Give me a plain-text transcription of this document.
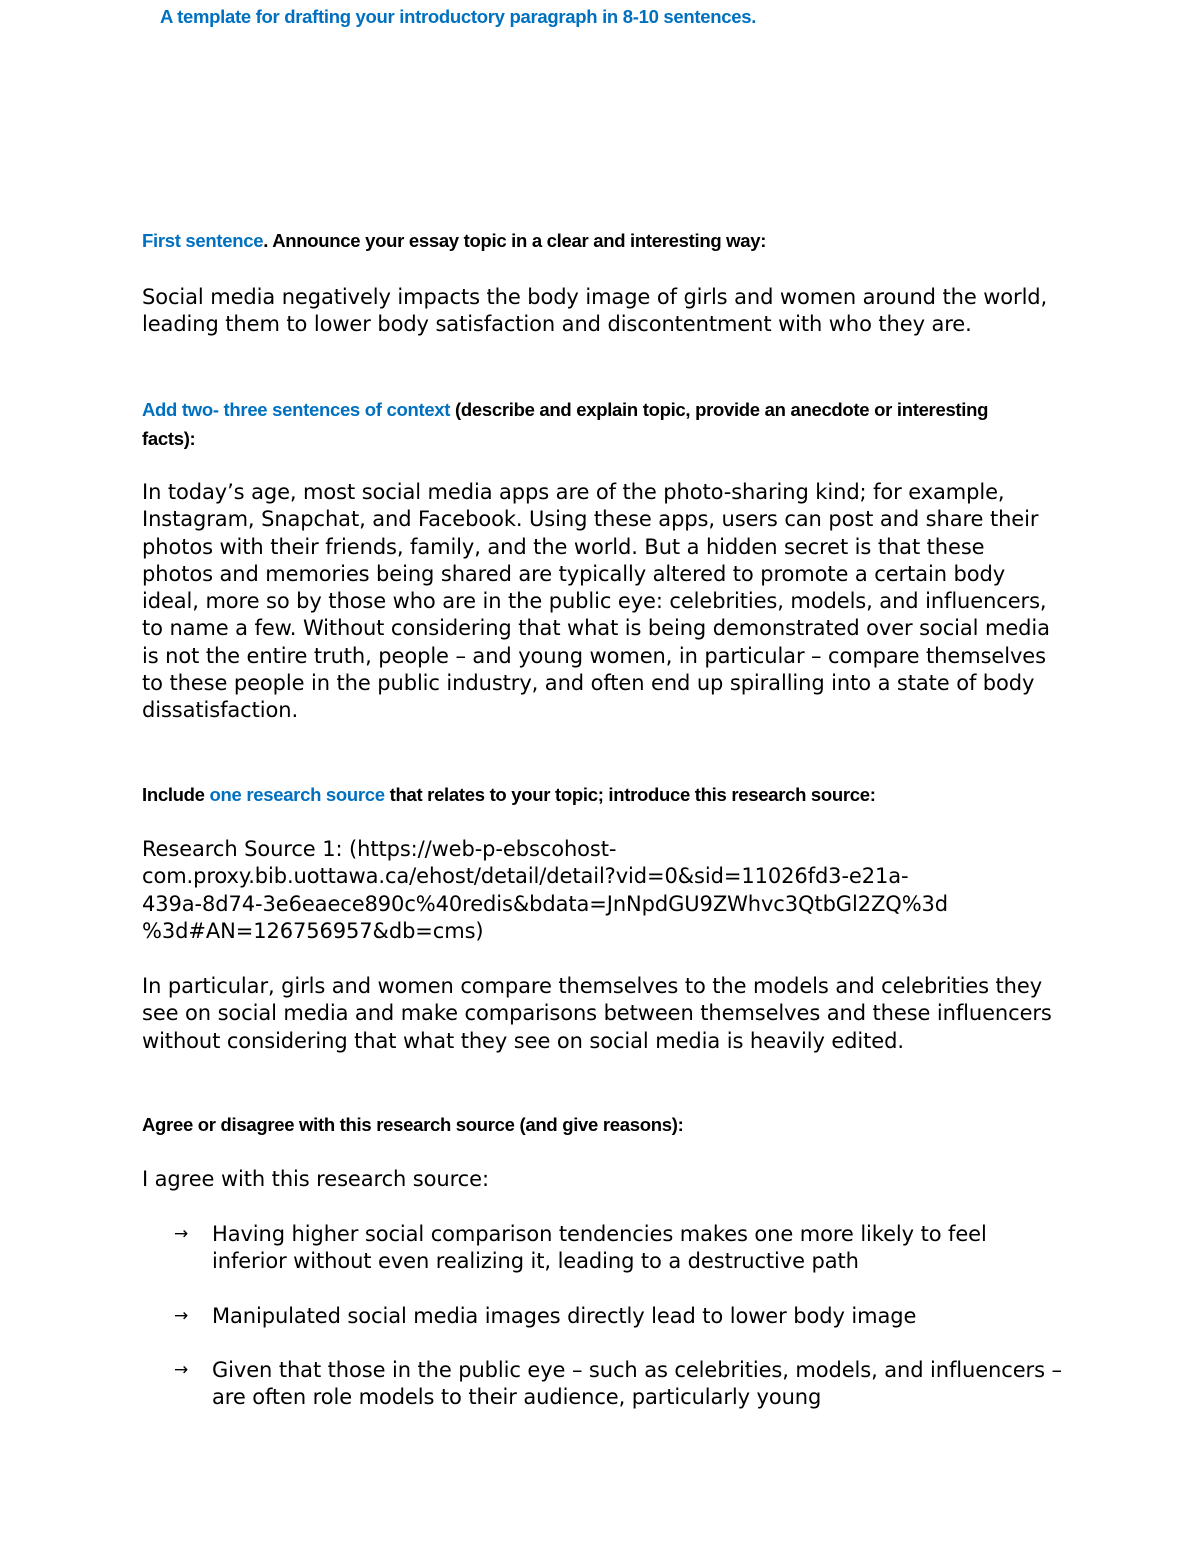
A template for drafting your introductory paragraph in 8-10 sentences.

First sentence. Announce your essay topic in a clear and interesting way:

Social media negatively impacts the body image of girls and women around the world, leading them to lower body satisfaction and discontentment with who they are.

Add two- three sentences of context (describe and explain topic, provide an anecdote or interesting facts):

In today’s age, most social media apps are of the photo-sharing kind; for example, Instagram, Snapchat, and Facebook. Using these apps, users can post and share their photos with their friends, family, and the world. But a hidden secret is that these photos and memories being shared are typically altered to promote a certain body ideal, more so by those who are in the public eye: celebrities, models, and influencers, to name a few. Without considering that what is being demonstrated over social media is not the entire truth, people – and young women, in particular – compare themselves to these people in the public industry, and often end up spiralling into a state of body dissatisfaction.

Include one research source that relates to your topic; introduce this research source:

Research Source 1: (https://web-p-ebscohost-
com.proxy.bib.uottawa.ca/ehost/detail/detail?vid=0&sid=11026fd3-e21a-
439a-8d74-3e6eaece890c%40redis&bdata=JnNpdGU9ZWhvc3QtbGl2ZQ%3d
%3d#AN=126756957&db=cms)

In particular, girls and women compare themselves to the models and celebrities they see on social media and make comparisons between themselves and these influencers without considering that what they see on social media is heavily edited.

Agree or disagree with this research source (and give reasons):

I agree with this research source:

→ Having higher social comparison tendencies makes one more likely to feel inferior without even realizing it, leading to a destructive path
→ Manipulated social media images directly lead to lower body image
→ Given that those in the public eye – such as celebrities, models, and influencers – are often role models to their audience, particularly young
